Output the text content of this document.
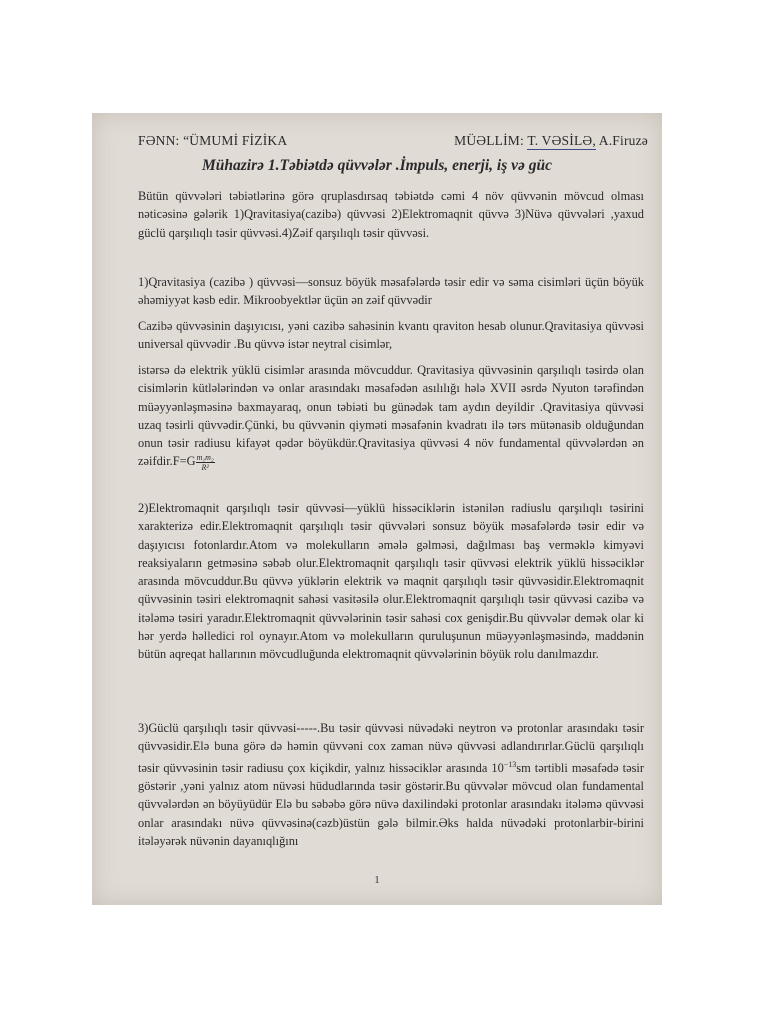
FƏNN: “ÜMUMİ FİZİKA	MÜƏLLİM: T. VƏSİLƏ, A.Firuzə
Mühazirə 1.Təbiətdə qüvvələr .İmpuls, enerji, iş və güc
Bütün qüvvələri təbiətlərinə görə qruplasdırsaq təbiətdə cəmi 4 növ qüvvənin mövcud olması nəticəsinə gələrik 1)Qravitasiya(cazibə) qüvvəsi 2)Elektromaqnit qüvvə 3)Nüvə qüvvələri ,yaxud güclü qarşılıqlı təsir qüvvəsi.4)Zəif qarşılıqlı təsir qüvvəsi.
1)Qravitasiya (cazibə ) qüvvəsi—sonsuz böyük məsafələrdə təsir edir və səma cisimləri üçün böyük əhəmiyyət kəsb edir. Mikroobyektlər üçün ən zəif qüvvədir
Cazibə qüvvəsinin daşıyıcısı, yəni cazibə sahəsinin kvantı qraviton hesab olunur.Qravitasiya qüvvəsi universal qüvvədir .Bu qüvvə istər neytral cisimlər,
istərsə də elektrik yüklü cisimlər arasında mövcuddur. Qravitasiya qüvvəsinin qarşılıqlı təsirdə olan cisimlərin kütlələrindən və onlar arasındakı məsafədən asılılığı hələ XVII əsrdə Nyuton tərəfindən müəyyənləşməsinə baxmayaraq, onun təbiəti bu günədək tam aydın deyildir .Qravitasiya qüvvəsi uzaq təsirli qüvvədir.Çünki, bu qüvvənin qiyməti məsafənin kvadratı ilə tərs mütənasib olduğundan onun təsir radiusu kifayət qədər böyükdür.Qravitasiya qüvvəsi 4 növ fundamental qüvvələrdən ən zəifdir.F=G $\frac{\text{m₁m₂}}{\text{R²}}$
2)Elektromaqnit qarşılıqlı təsir qüvvəsi—yüklü hissəciklərin istənilən radiuslu qarşılıqlı təsirini xarakterizə edir.Elektromaqnit qarşılıqlı təsir qüvvələri sonsuz böyük məsafələrdə təsir edir və daşıyıcısı fotonlardır.Atom və molekulların əmələ gəlməsi, dağılması baş verməklə kimyəvi reaksiyaların getməsinə səbəb olur.Elektromaqnit qarşılıqlı təsir qüvvəsi elektrik yüklü hissəciklər arasında mövcuddur.Bu qüvvə yüklərin elektrik və maqnit qarşılıqlı təsir qüvvəsidir.Elektromaqnit qüvvəsinin təsiri elektromaqnit sahəsi vasitəsilə olur.Elektromaqnit qarşılıqlı təsir qüvvəsi cazibə və itələmə təsiri yaradır.Elektromaqnit qüvvələrinin təsir sahəsi cox genişdir.Bu qüvvələr demək olar ki hər yerdə həlledici rol oynayır.Atom və molekulların quruluşunun müəyyənləşməsində, maddənin bütün aqreqat hallarının mövcudluğunda elektromaqnit qüvvələrinin böyük rolu danılmazdır.
3)Güclü qarşılıqlı təsir qüvvəsi-----.Bu təsir qüvvəsi nüvədəki neytron və protonlar arasındakı təsir qüvvəsidir.Elə buna görə də həmin qüvvəni cox zaman nüvə qüvvəsi adlandırırlar.Güclü qarşılıqlı təsir qüvvəsinin təsir radiusu çox kiçikdir, yalnız hissəciklər arasında $10^{-13}sm$ tərtibli məsafədə təsir göstərir ,yəni yalnız atom nüvəsi hüdudlarında təsir göstərir.Bu qüvvələr mövcud olan fundamental qüvvələrdən ən böyüyüdür Elə bu səbəbə görə nüvə daxilindəki protonlar arasındakı itələmə qüvvəsi onlar arasındakı nüvə qüvvəsinə(cəzb)üstün gələ bilmir.Əks halda nüvədəki protonlarbir-birini itələyərək nüvənin dayanıqlığını
1
